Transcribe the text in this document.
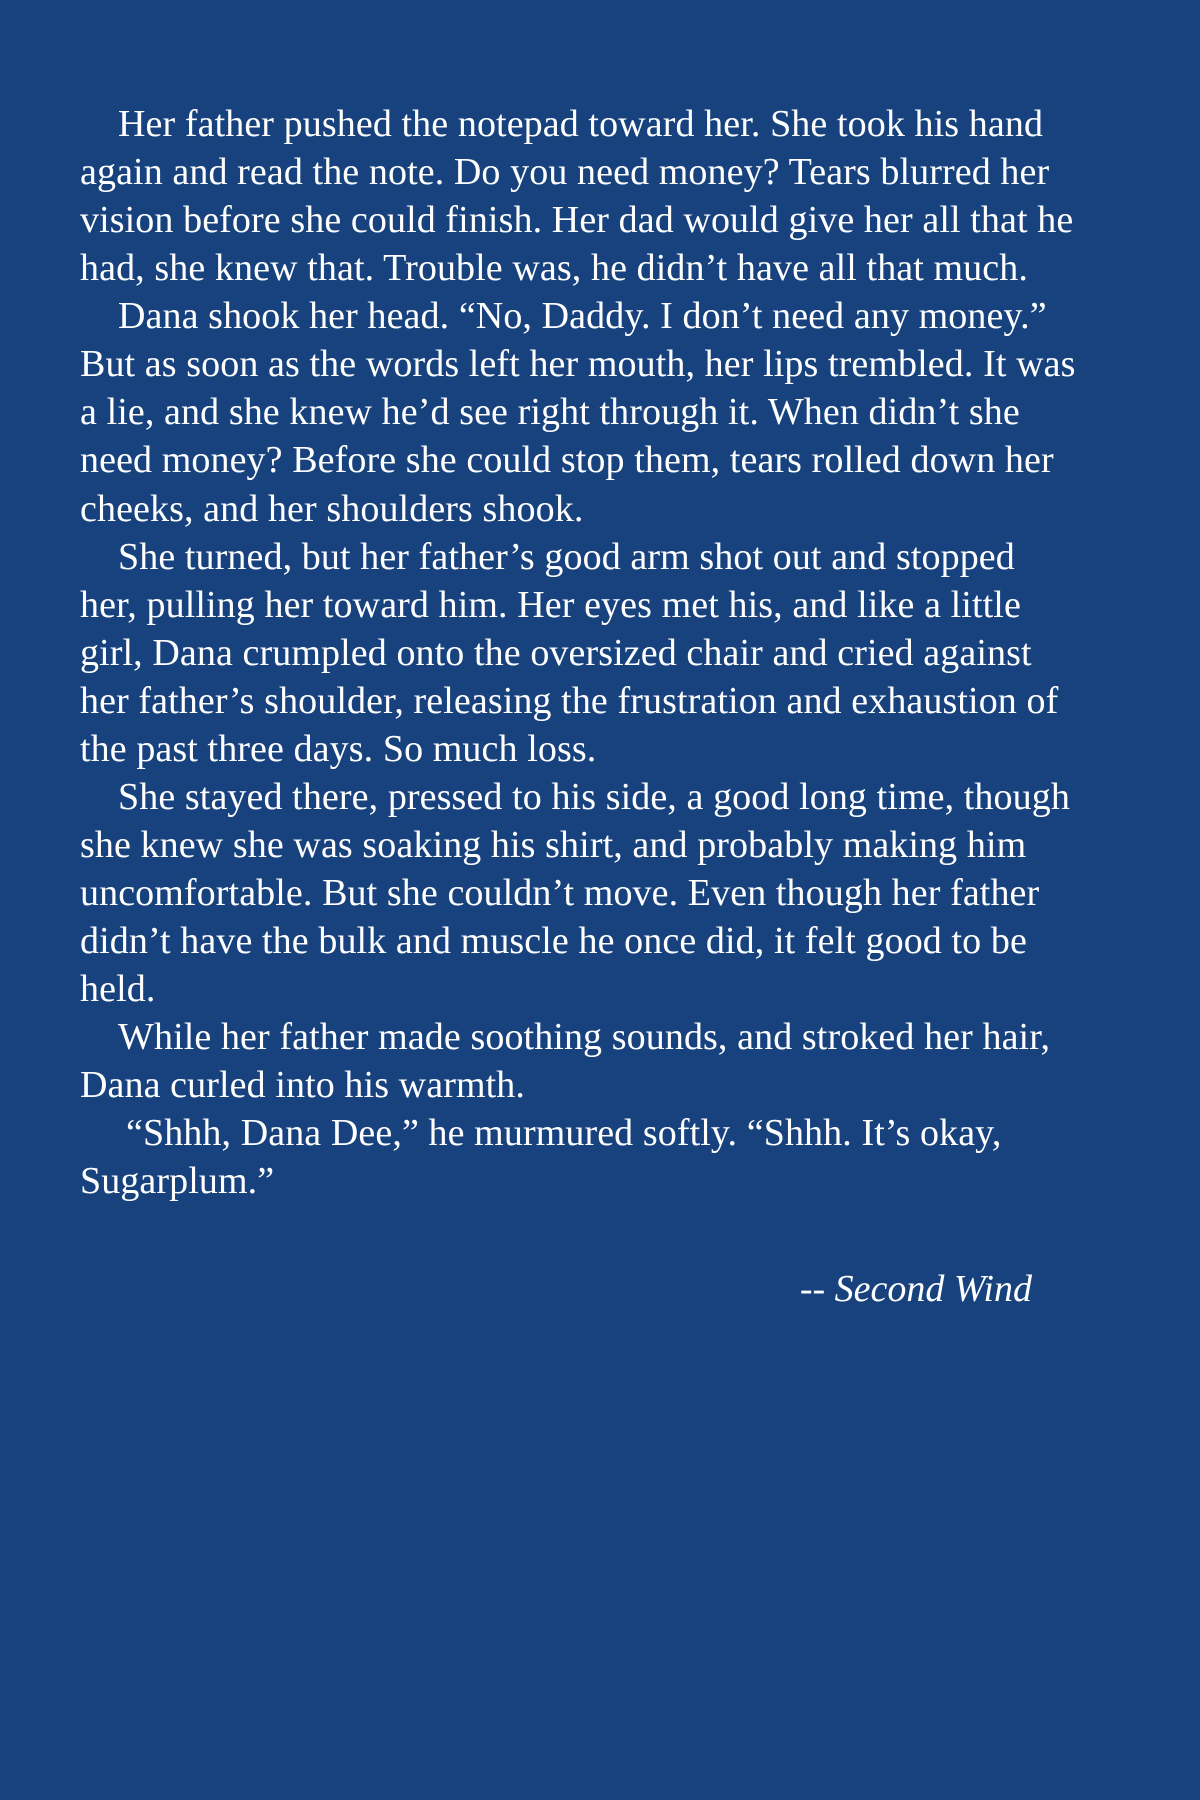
Her father pushed the notepad toward her. She took his hand again and read the note. Do you need money? Tears blurred her vision before she could finish. Her dad would give her all that he had, she knew that. Trouble was, he didn’t have all that much.

Dana shook her head. “No, Daddy. I don’t need any money.” But as soon as the words left her mouth, her lips trembled. It was a lie, and she knew he’d see right through it. When didn’t she need money? Before she could stop them, tears rolled down her cheeks, and her shoulders shook.

She turned, but her father’s good arm shot out and stopped her, pulling her toward him. Her eyes met his, and like a little girl, Dana crumpled onto the oversized chair and cried against her father’s shoulder, releasing the frustration and exhaustion of the past three days. So much loss.

She stayed there, pressed to his side, a good long time, though she knew she was soaking his shirt, and probably making him uncomfortable. But she couldn’t move. Even though her father didn’t have the bulk and muscle he once did, it felt good to be held.

While her father made soothing sounds, and stroked her hair, Dana curled into his warmth.

“Shhh, Dana Dee,” he murmured softly. “Shhh. It’s okay, Sugarplum.”

-- Second Wind
